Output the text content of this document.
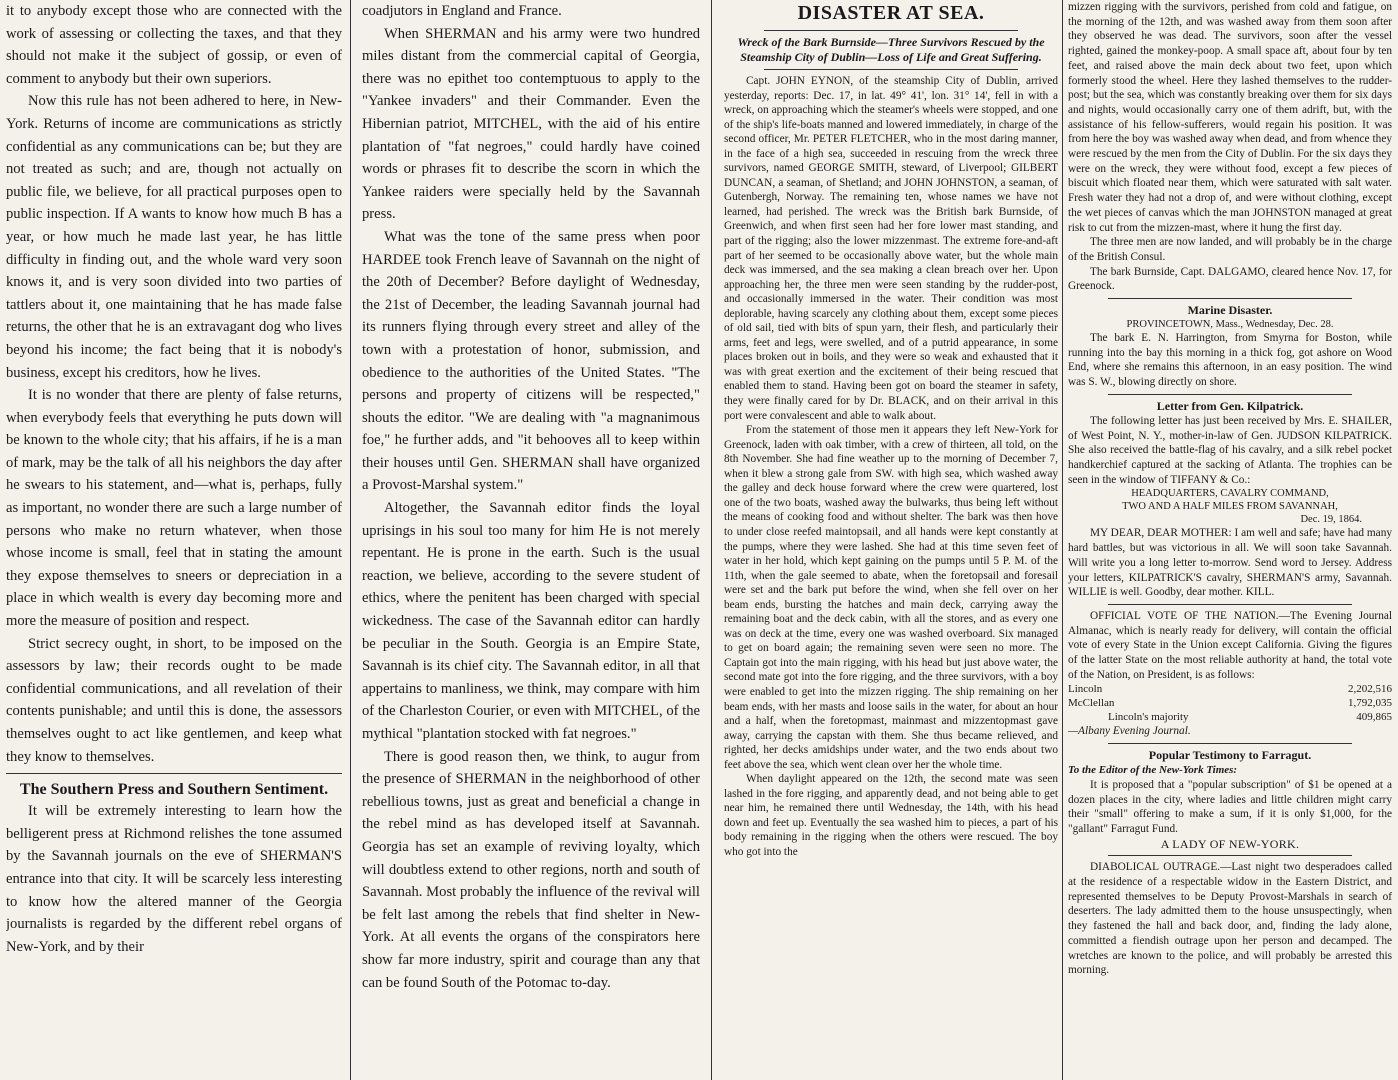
it to anybody except those who are connected with the work of assessing or collecting the taxes, and that they should not make it the subject of gossip, or even of comment to anybody but their own superiors.

Now this rule has not been adhered to here, in New-York. Returns of income are communications as strictly confidential as any communications can be; but they are not treated as such; and are, though not actually on public file, we believe, for all practical purposes open to public inspection. If A wants to know how much B has a year, or how much he made last year, he has little difficulty in finding out, and the whole ward very soon knows it, and is very soon divided into two parties of tattlers about it, one maintaining that he has made false returns, the other that he is an extravagant dog who lives beyond his income; the fact being that it is nobody's business, except his creditors, how he lives.

It is no wonder that there are plenty of false returns, when everybody feels that everything he puts down will be known to the whole city; that his affairs, if he is a man of mark, may be the talk of all his neighbors the day after he swears to his statement, and—what is, perhaps, fully as important, no wonder there are such a large number of persons who make no return whatever, when those whose income is small, feel that in stating the amount they expose themselves to sneers or depreciation in a place in which wealth is every day becoming more and more the measure of position and respect.

Strict secrecy ought, in short, to be imposed on the assessors by law; their records ought to be made confidential communications, and all revelation of their contents punishable; and until this is done, the assessors themselves ought to act like gentlemen, and keep what they know to themselves.

The Southern Press and Southern Sentiment.

It will be extremely interesting to learn how the belligerent press at Richmond relishes the tone assumed by the Savannah journals on the eve of SHERMAN'S entrance into that city. It will be scarcely less interesting to know how the altered manner of the Georgia journalists is regarded by the different rebel organs of New-York, and by their

coadjutors in England and France.

When SHERMAN and his army were two hundred miles distant from the commercial capital of Georgia, there was no epithet too contemptuous to apply to the "Yankee invaders" and their Commander. Even the Hibernian patriot, MITCHEL, with the aid of his entire plantation of "fat negroes," could hardly have coined words or phrases fit to describe the scorn in which the Yankee raiders were specially held by the Savannah press.

What was the tone of the same press when poor HARDEE took French leave of Savannah on the night of the 20th of December? Before daylight of Wednesday, the 21st of December, the leading Savannah journal had its runners flying through every street and alley of the town with a protestation of honor, submission, and obedience to the authorities of the United States. "The persons and property of citizens will be respected," shouts the editor. "We are dealing with "a magnanimous foe," he further adds, and "it behooves all to keep within their houses until Gen. SHERMAN shall have organized a Provost-Marshal system."

Altogether, the Savannah editor finds the loyal uprisings in his soul too many for him He is not merely repentant. He is prone in the earth. Such is the usual reaction, we believe, according to the severe student of ethics, where the penitent has been charged with special wickedness. The case of the Savannah editor can hardly be peculiar in the South. Georgia is an Empire State, Savannah is its chief city. The Savannah editor, in all that appertains to manliness, we think, may compare with him of the Charleston Courier, or even with MITCHEL, of the mythical "plantation stocked with fat negroes."

There is good reason then, we think, to augur from the presence of SHERMAN in the neighborhood of other rebellious towns, just as great and beneficial a change in the rebel mind as has developed itself at Savannah. Georgia has set an example of reviving loyalty, which will doubtless extend to other regions, north and south of Savannah. Most probably the influence of the revival will be felt last among the rebels that find shelter in New-York. At all events the organs of the conspirators here show far more industry, spirit and courage than any that can be found South of the Potomac to-day.

DISASTER AT SEA.

Wreck of the Bark Burnside—Three Survivors Rescued by the Steamship City of Dublin—Loss of Life and Great Suffering.

Capt. JOHN EYNON, of the steamship City of Dublin, arrived yesterday, reports: Dec. 17, in lat. 49° 41', lon. 31° 14', fell in with a wreck, on approaching which the steamer's wheels were stopped, and one of the ship's life-boats manned and lowered immediately, in charge of the second officer, Mr. PETER FLETCHER, who in the most daring manner, in the face of a high sea, succeeded in rescuing from the wreck three survivors, named GEORGE SMITH, steward, of Liverpool; GILBERT DUNCAN, a seaman, of Shetland; and JOHN JOHNSTON, a seaman, of Gutenbergh, Norway. The remaining ten, whose names we have not learned, had perished. The wreck was the British bark Burnside, of Greenwich, and when first seen had her fore lower mast standing, and part of the rigging; also the lower mizzenmast. The extreme fore-and-aft part of her seemed to be occasionally above water, but the whole main deck was immersed, and the sea making a clean breach over her. Upon approaching her, the three men were seen standing by the rudder-post, and occasionally immersed in the water. Their condition was most deplorable, having scarcely any clothing about them, except some pieces of old sail, tied with bits of spun yarn, their flesh, and particularly their arms, feet and legs, were swelled, and of a putrid appearance, in some places broken out in boils, and they were so weak and exhausted that it was with great exertion and the excitement of their being rescued that enabled them to stand. Having been got on board the steamer in safety, they were finally cared for by Dr. BLACK, and on their arrival in this port were convalescent and able to walk about.

From the statement of those men it appears they left New-York for Greenock, laden with oak timber, with a crew of thirteen, all told, on the 8th November. She had fine weather up to the morning of December 7, when it blew a strong gale from SW. with high sea, which washed away the galley and deck house forward where the crew were quartered, lost one of the two boats, washed away the bulwarks, thus being left without the means of cooking food and without shelter. The bark was then hove to under close reefed maintopsail, and all hands were kept constantly at the pumps, where they were lashed. She had at this time seven feet of water in her hold, which kept gaining on the pumps until 5 P. M. of the 11th, when the gale seemed to abate, when the foretopsail and foresail were set and the bark put before the wind, when she fell over on her beam ends, bursting the hatches and main deck, carrying away the remaining boat and the deck cabin, with all the stores, and as every one was on deck at the time, every one was washed overboard. Six managed to get on board again; the remaining seven were seen no more. The Captain got into the main rigging, with his head but just above water, the second mate got into the fore rigging, and the three survivors, with a boy were enabled to get into the mizzen rigging. The ship remaining on her beam ends, with her masts and loose sails in the water, for about an hour and a half, when the foretopmast, mainmast and mizzentopmast gave away, carrying the capstan with them. She thus became relieved, and righted, her decks amidships under water, and the two ends about two feet above the sea, which went clean over her the whole time.

When daylight appeared on the 12th, the second mate was seen lashed in the fore rigging, and apparently dead, and not being able to get near him, he remained there until Wednesday, the 14th, with his head down and feet up. Eventually the sea washed him to pieces, a part of his body remaining in the rigging when the others were rescued. The boy who got into the

mizzen rigging with the survivors, perished from cold and fatigue, on the morning of the 12th, and was washed away from them soon after they observed he was dead. The survivors, soon after the vessel righted, gained the monkey-poop. A small space aft, about four by ten feet, and raised above the main deck about two feet, upon which formerly stood the wheel. Here they lashed themselves to the rudder-post; but the sea, which was constantly breaking over them for six days and nights, would occasionally carry one of them adrift, but, with the assistance of his fellow-sufferers, would regain his position. It was from here the boy was washed away when dead, and from whence they were rescued by the men from the City of Dublin. For the six days they were on the wreck, they were without food, except a few pieces of biscuit which floated near them, which were saturated with salt water. Fresh water they had not a drop of, and were without clothing, except the wet pieces of canvas which the man JOHNSTON managed at great risk to cut from the mizzen-mast, where it hung the first day.

The three men are now landed, and will probably be in the charge of the British Consul.

The bark Burnside, Capt. DALGAMO, cleared hence Nov. 17, for Greenock.

Marine Disaster.

PROVINCETOWN, Mass., Wednesday, Dec. 28.

The bark E. N. Harrington, from Smyrna for Boston, while running into the bay this morning in a thick fog, got ashore on Wood End, where she remains this afternoon, in an easy position. The wind was S. W., blowing directly on shore.

Letter from Gen. Kilpatrick.

The following letter has just been received by Mrs. E. SHAILER, of West Point, N. Y., mother-in-law of Gen. JUDSON KILPATRICK. She also received the battle-flag of his cavalry, and a silk rebel pocket handkerchief captured at the sacking of Atlanta. The trophies can be seen in the window of TIFFANY & Co.:

HEADQUARTERS, CAVALRY COMMAND,

TWO AND A HALF MILES FROM SAVANNAH,

Dec. 19, 1864.

MY DEAR, DEAR MOTHER: I am well and safe; have had many hard battles, but was victorious in all. We will soon take Savannah. Will write you a long letter to-morrow. Send word to Jersey. Address your letters, KILPATRICK'S cavalry, SHERMAN'S army, Savannah. WILLIE is well. Goodby, dear mother. KILL.

OFFICIAL VOTE OF THE NATION.—The Evening Journal Almanac, which is nearly ready for delivery, will contain the official vote of every State in the Union except California. Giving the figures of the latter State on the most reliable authority at hand, the total vote of the Nation, on President, is as follows:

Lincoln	2,202,516
McClellan	1,792,035
Lincoln's majority	409,865

—Albany Evening Journal.

Popular Testimony to Farragut.

To the Editor of the New-York Times:

It is proposed that a "popular subscription" of $1 be opened at a dozen places in the city, where ladies and little children might carry their "small" offering to make a sum, if it is only $1,000, for the "gallant" Farragut Fund.

A LADY OF NEW-YORK.

DIABOLICAL OUTRAGE.—Last night two desperadoes called at the residence of a respectable widow in the Eastern District, and represented themselves to be Deputy Provost-Marshals in search of deserters. The lady admitted them to the house unsuspectingly, when they fastened the hall and back door, and, finding the lady alone, committed a fiendish outrage upon her person and decamped. The wretches are known to the police, and will probably be arrested this morning.
